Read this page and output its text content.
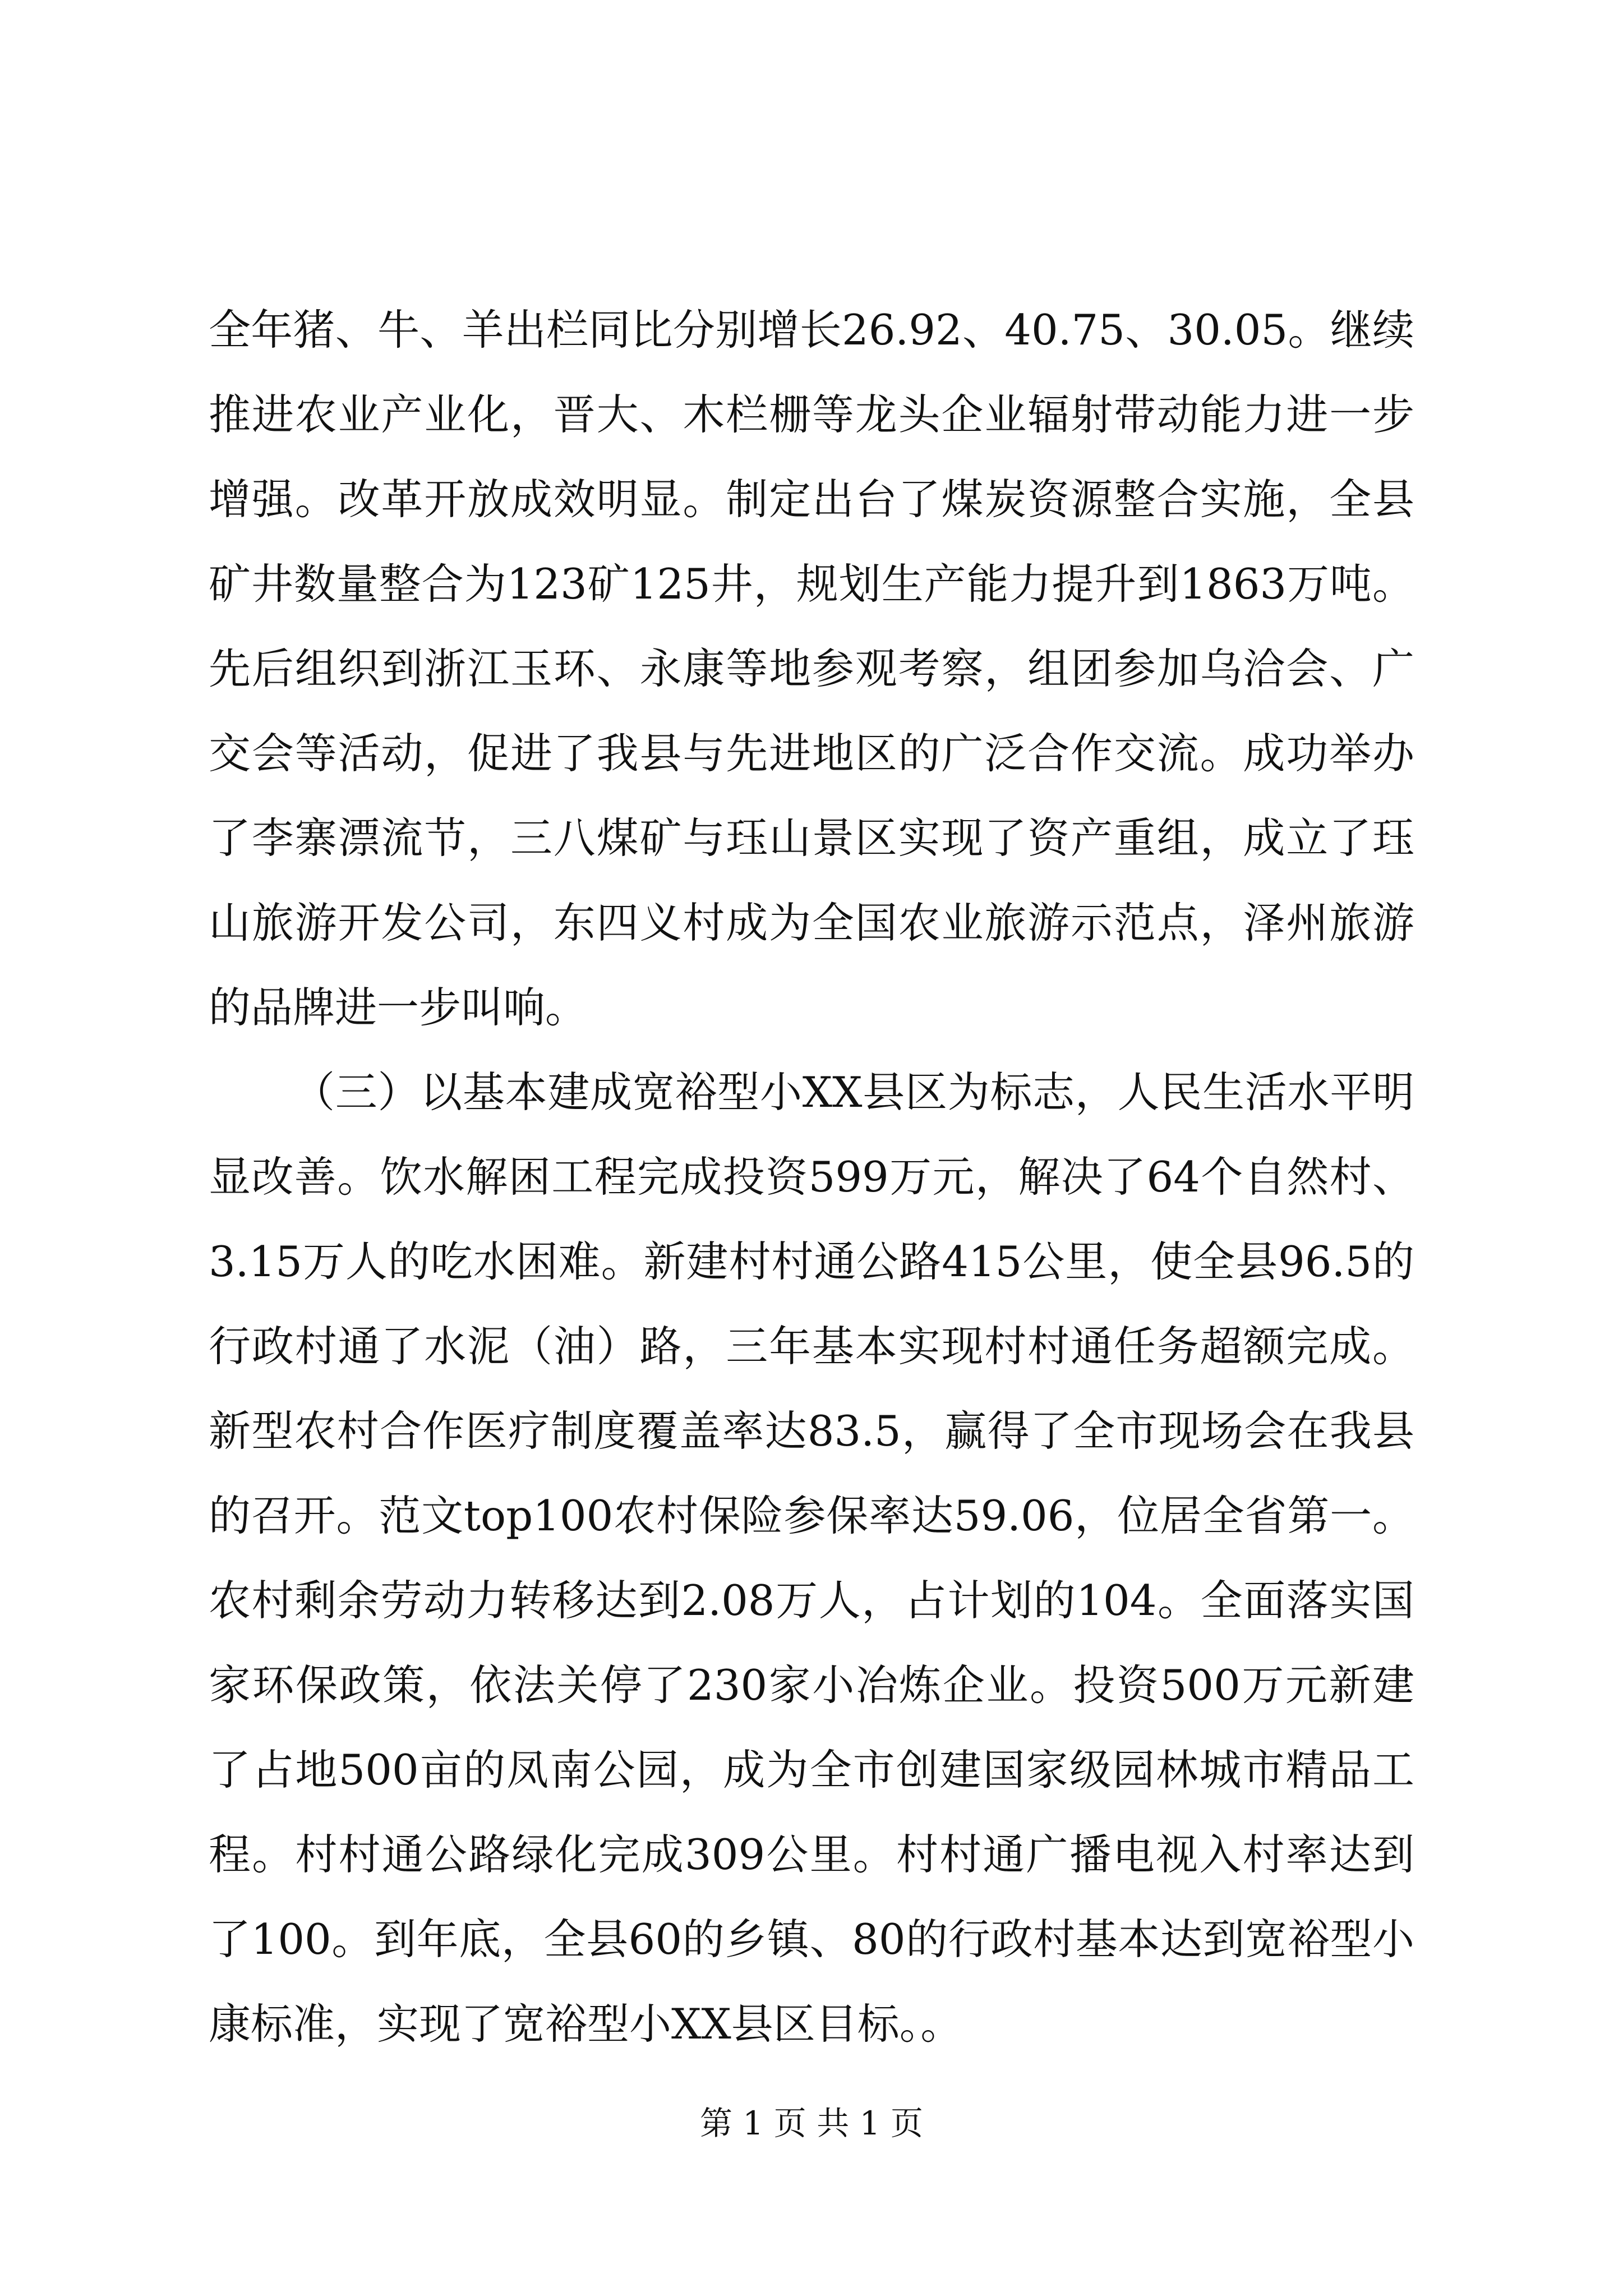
全年猪、牛、羊出栏同比分别增长26.92、40.75、30.05。继续推进农业产业化，晋大、木栏栅等龙头企业辐射带动能力进一步增强。改革开放成效明显。制定出台了煤炭资源整合实施，全县矿井数量整合为123矿125井，规划生产能力提升到1863万吨。先后组织到浙江玉环、永康等地参观考察，组团参加乌洽会、广交会等活动，促进了我县与先进地区的广泛合作交流。成功举办了李寨漂流节，三八煤矿与珏山景区实现了资产重组，成立了珏山旅游开发公司，东四义村成为全国农业旅游示范点，泽州旅游的品牌进一步叫响。

（三）以基本建成宽裕型小XX县区为标志，人民生活水平明显改善。饮水解困工程完成投资599万元，解决了64个自然村、3.15万人的吃水困难。新建村村通公路415公里，使全县96.5的行政村通了水泥（油）路，三年基本实现村村通任务超额完成。新型农村合作医疗制度覆盖率达83.5，赢得了全市现场会在我县的召开。范文top100农村保险参保率达59.06，位居全省第一。农村剩余劳动力转移达到2.08万人，占计划的104。全面落实国家环保政策，依法关停了230家小冶炼企业。投资500万元新建了占地500亩的凤南公园，成为全市创建国家级园林城市精品工程。村村通公路绿化完成309公里。村村通广播电视入村率达到了100。到年底，全县60的乡镇、80的行政村基本达到宽裕型小康标准，实现了宽裕型小XX县区目标。。

第 1 页 共 1 页
